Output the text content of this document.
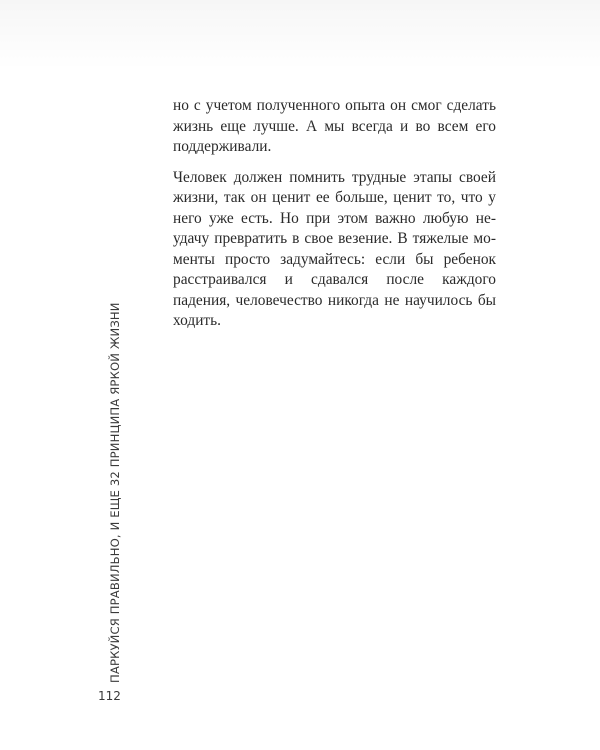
но с учетом полученного опыта он смог сделать жизнь еще лучше. А мы всегда и во всем его поддерживали.

Человек должен помнить трудные этапы своей жизни, так он ценит ее больше, ценит то, что у него уже есть. Но при этом важно любую неудачу превратить в свое везение. В тяжелые моменты просто задумайтесь: если бы ребенок расстраивался и сдавался после каждого падения, человечество никогда не научилось бы ходить.

ПАРКУЙСЯ ПРАВИЛЬНО, И ЕЩЕ 32 ПРИНЦИПА ЯРКОЙ ЖИЗНИ
112
